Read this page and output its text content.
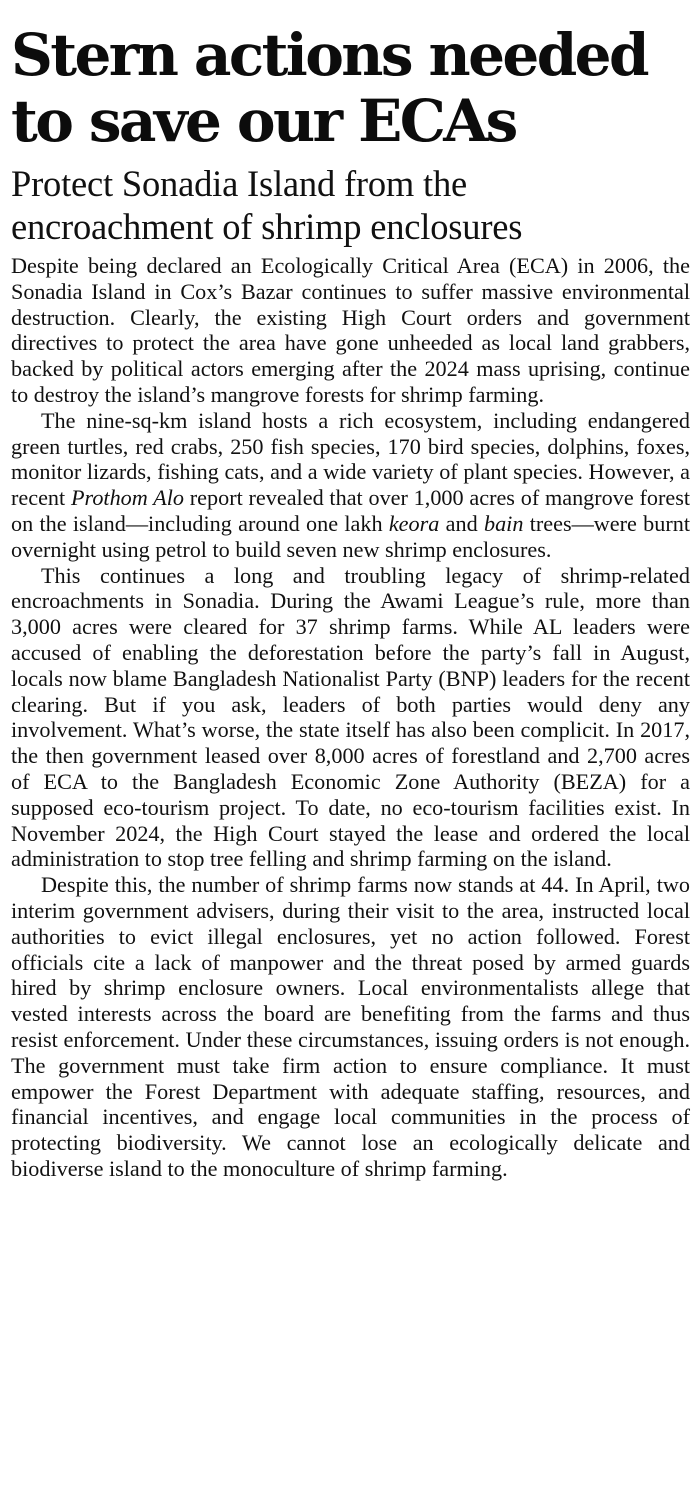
Stern actions needed
to save our ECAs
Protect Sonadia Island from the
encroachment of shrimp enclosures

Despite being declared an Ecologically Critical Area (ECA) in 2006, the Sonadia Island in Cox’s Bazar continues to suffer massive environmental destruction. Clearly, the existing High Court orders and government directives to protect the area have gone unheeded as local land grabbers, backed by political actors emerging after the 2024 mass uprising, continue to destroy the island’s mangrove forests for shrimp farming.

The nine-sq-km island hosts a rich ecosystem, including endangered green turtles, red crabs, 250 fish species, 170 bird species, dolphins, foxes, monitor lizards, fishing cats, and a wide variety of plant species. However, a recent Prothom Alo report revealed that over 1,000 acres of mangrove forest on the island—including around one lakh keora and bain trees—were burnt overnight using petrol to build seven new shrimp enclosures.

This continues a long and troubling legacy of shrimp-related encroachments in Sonadia. During the Awami League’s rule, more than 3,000 acres were cleared for 37 shrimp farms. While AL leaders were accused of enabling the deforestation before the party’s fall in August, locals now blame Bangladesh Nationalist Party (BNP) leaders for the recent clearing. But if you ask, leaders of both parties would deny any involvement. What’s worse, the state itself has also been complicit. In 2017, the then government leased over 8,000 acres of forestland and 2,700 acres of ECA to the Bangladesh Economic Zone Authority (BEZA) for a supposed eco-tourism project. To date, no eco-tourism facilities exist. In November 2024, the High Court stayed the lease and ordered the local administration to stop tree felling and shrimp farming on the island.

Despite this, the number of shrimp farms now stands at 44. In April, two interim government advisers, during their visit to the area, instructed local authorities to evict illegal enclosures, yet no action followed. Forest officials cite a lack of manpower and the threat posed by armed guards hired by shrimp enclosure owners. Local environmentalists allege that vested interests across the board are benefiting from the farms and thus resist enforcement. Under these circumstances, issuing orders is not enough. The government must take firm action to ensure compliance. It must empower the Forest Department with adequate staffing, resources, and financial incentives, and engage local communities in the process of protecting biodiversity. We cannot lose an ecologically delicate and biodiverse island to the monoculture of shrimp farming.
